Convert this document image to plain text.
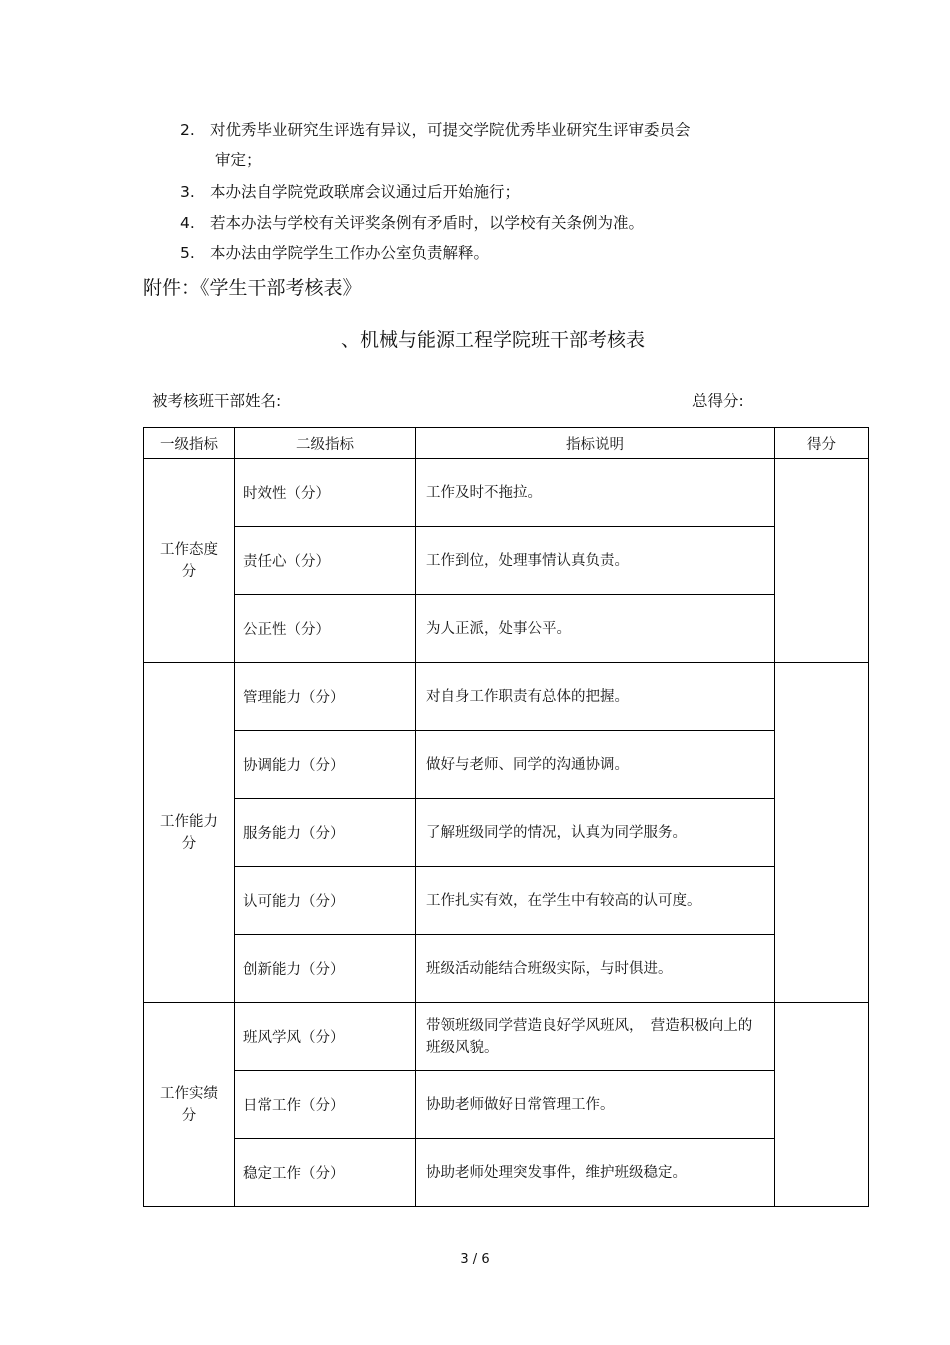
2. 对优秀毕业研究生评选有异议，可提交学院优秀毕业研究生评审委员会
审定；
3. 本办法自学院党政联席会议通过后开始施行；
4. 若本办法与学校有关评奖条例有矛盾时，以学校有关条例为准。
5. 本办法由学院学生工作办公室负责解释。
附件：《学生干部考核表》
、机械与能源工程学院班干部考核表
被考核班干部姓名:	总得分:
一级指标	二级指标	指标说明	得分

工作态度
分	时效性（分）	工作及时不拖拉。	
	责任心（分）	工作到位，处理事情认真负责。	
	公正性（分）	为人正派，处事公平。	

工作能力
分	管理能力（分）	对自身工作职责有总体的把握。	
	协调能力（分）	做好与老师、同学的沟通协调。	
	服务能力（分）	了解班级同学的情况，认真为同学服务。	
	认可能力（分）	工作扎实有效，在学生中有较高的认可度。	
	创新能力（分）	班级活动能结合班级实际，与时俱进。	

工作实绩
分	班风学风（分）	带领班级同学营造良好学风班风，　营造积极向上的班级风貌。	
	日常工作（分）	协助老师做好日常管理工作。	
	稳定工作（分）	协助老师处理突发事件，维护班级稳定。	
3 / 6
